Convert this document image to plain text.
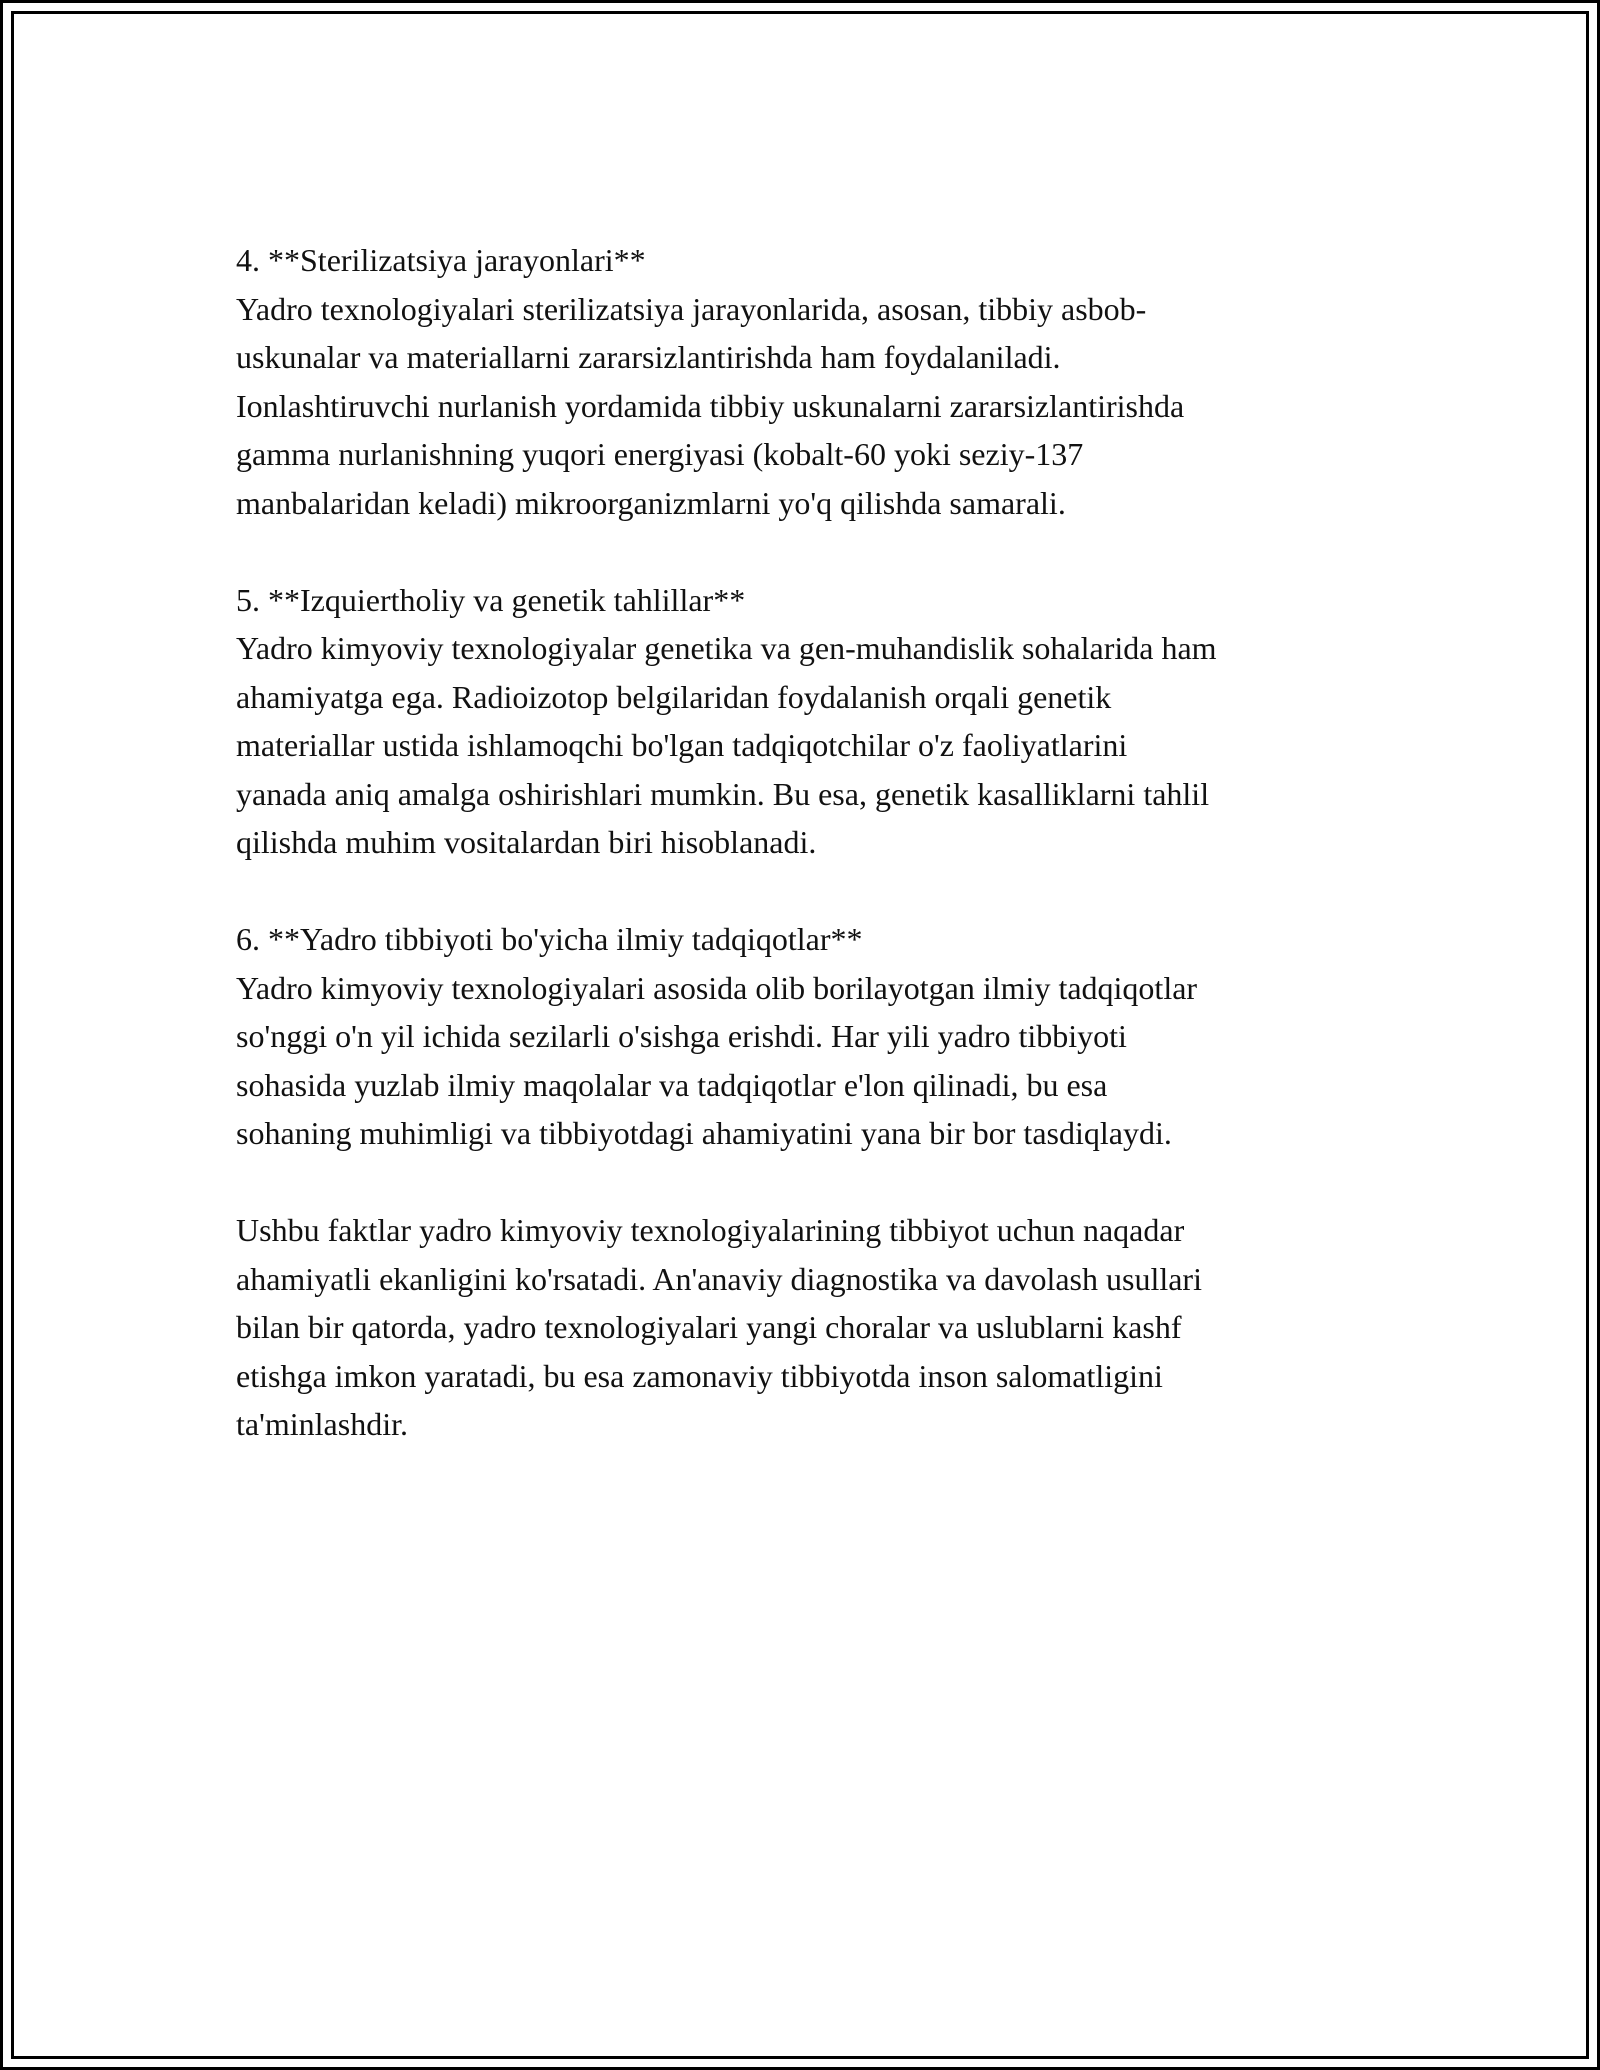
4. **Sterilizatsiya jarayonlari**
Yadro texnologiyalari sterilizatsiya jarayonlarida, asosan, tibbiy asbob-
uskunalar va materiallarni zararsizlantirishda ham foydalaniladi.
Ionlashtiruvchi nurlanish yordamida tibbiy uskunalarni zararsizlantirishda
gamma nurlanishning yuqori energiyasi (kobalt-60 yoki seziy-137
manbalaridan keladi) mikroorganizmlarni yo'q qilishda samarali.
5. **Izquiertholiy va genetik tahlillar**
Yadro kimyoviy texnologiyalar genetika va gen-muhandislik sohalarida ham
ahamiyatga ega. Radioizotop belgilaridan foydalanish orqali genetik
materiallar ustida ishlamoqchi bo'lgan tadqiqotchilar o'z faoliyatlarini
yanada aniq amalga oshirishlari mumkin. Bu esa, genetik kasalliklarni tahlil
qilishda muhim vositalardan biri hisoblanadi.
6. **Yadro tibbiyoti bo'yicha ilmiy tadqiqotlar**
Yadro kimyoviy texnologiyalari asosida olib borilayotgan ilmiy tadqiqotlar
so'nggi o'n yil ichida sezilarli o'sishga erishdi. Har yili yadro tibbiyoti
sohasida yuzlab ilmiy maqolalar va tadqiqotlar e'lon qilinadi, bu esa
sohaning muhimligi va tibbiyotdagi ahamiyatini yana bir bor tasdiqlaydi.
Ushbu faktlar yadro kimyoviy texnologiyalarining tibbiyot uchun naqadar
ahamiyatli ekanligini ko'rsatadi. An'anaviy diagnostika va davolash usullari
bilan bir qatorda, yadro texnologiyalari yangi choralar va uslublarni kashf
etishga imkon yaratadi, bu esa zamonaviy tibbiyotda inson salomatligini
ta'minlashdir.
